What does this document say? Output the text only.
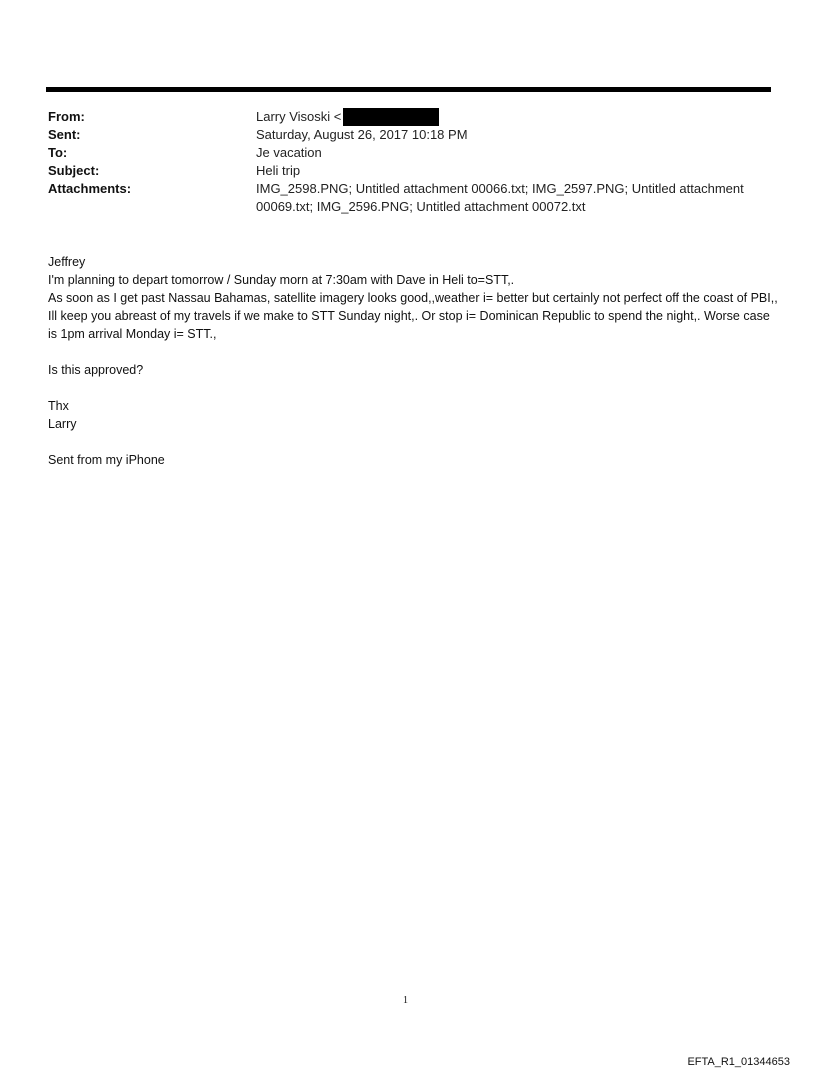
From:	Larry Visoski <
Sent:	Saturday, August 26, 2017 10:18 PM
To:	Je vacation
Subject:	Heli trip
Attachments:	IMG_2598.PNG; Untitled attachment 00066.txt; IMG_2597.PNG; Untitled attachment 00069.txt; IMG_2596.PNG; Untitled attachment 00072.txt

Jeffrey

I'm planning to depart tomorrow / Sunday morn at 7:30am with Dave in Heli to=STT,.

As soon as I get past Nassau Bahamas, satellite imagery looks good,,weather i= better but certainly not perfect off the coast of PBI,, Ill keep you abreast of my travels if we make to STT Sunday night,. Or stop i= Dominican Republic to spend the night,. Worse case is 1pm arrival Monday i= STT.,

Is this approved?

Thx

Larry

Sent from my iPhone

1
EFTA_R1_01344653
